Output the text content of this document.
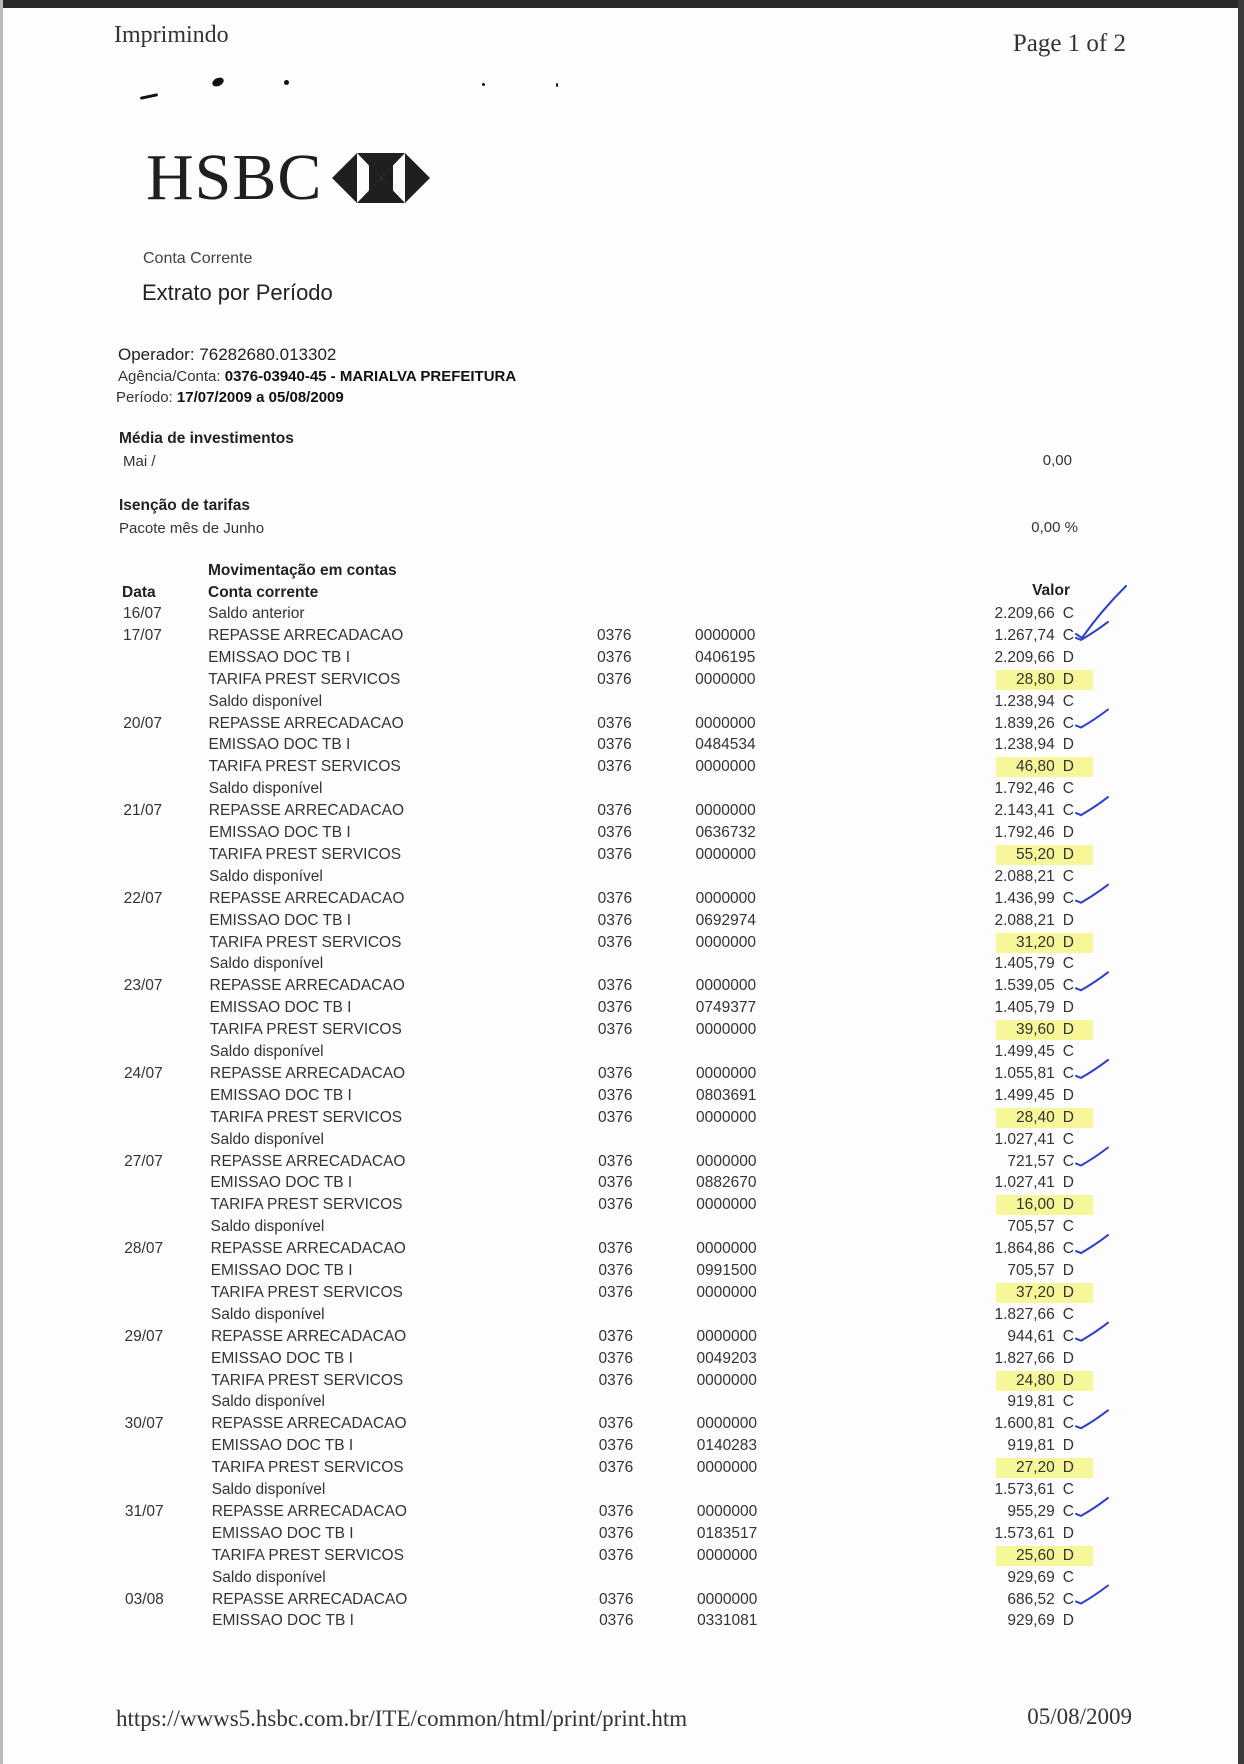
Imprimindo	Page 1 of 2
HSBC
Conta Corrente
Extrato por Período
Operador: 76282680.013302
Agência/Conta: 0376-03940-45 - MARIALVA PREFEITURA
Período: 17/07/2009 a 05/08/2009
Média de investimentos
Mai /	0,00
Isenção de tarifas
Pacote mês de Junho	0,00 %
Movimentação em contas
Data	Conta corrente	Valor
16/07	Saldo anterior	2.209,66 C
17/07	REPASSE ARRECADACAO	0376	0000000	1.267,74 C
EMISSAO DOC TB I	0376	0406195	2.209,66 D
TARIFA PREST SERVICOS	0376	0000000	28,80 D
Saldo disponível	1.238,94 C
20/07	REPASSE ARRECADACAO	0376	0000000	1.839,26 C
EMISSAO DOC TB I	0376	0484534	1.238,94 D
TARIFA PREST SERVICOS	0376	0000000	46,80 D
Saldo disponível	1.792,46 C
21/07	REPASSE ARRECADACAO	0376	0000000	2.143,41 C
EMISSAO DOC TB I	0376	0636732	1.792,46 D
TARIFA PREST SERVICOS	0376	0000000	55,20 D
Saldo disponível	2.088,21 C
22/07	REPASSE ARRECADACAO	0376	0000000	1.436,99 C
EMISSAO DOC TB I	0376	0692974	2.088,21 D
TARIFA PREST SERVICOS	0376	0000000	31,20 D
Saldo disponível	1.405,79 C
23/07	REPASSE ARRECADACAO	0376	0000000	1.539,05 C
EMISSAO DOC TB I	0376	0749377	1.405,79 D
TARIFA PREST SERVICOS	0376	0000000	39,60 D
Saldo disponível	1.499,45 C
24/07	REPASSE ARRECADACAO	0376	0000000	1.055,81 C
EMISSAO DOC TB I	0376	0803691	1.499,45 D
TARIFA PREST SERVICOS	0376	0000000	28,40 D
Saldo disponível	1.027,41 C
27/07	REPASSE ARRECADACAO	0376	0000000	721,57 C
EMISSAO DOC TB I	0376	0882670	1.027,41 D
TARIFA PREST SERVICOS	0376	0000000	16,00 D
Saldo disponível	705,57 C
28/07	REPASSE ARRECADACAO	0376	0000000	1.864,86 C
EMISSAO DOC TB I	0376	0991500	705,57 D
TARIFA PREST SERVICOS	0376	0000000	37,20 D
Saldo disponível	1.827,66 C
29/07	REPASSE ARRECADACAO	0376	0000000	944,61 C
EMISSAO DOC TB I	0376	0049203	1.827,66 D
TARIFA PREST SERVICOS	0376	0000000	24,80 D
Saldo disponível	919,81 C
30/07	REPASSE ARRECADACAO	0376	0000000	1.600,81 C
EMISSAO DOC TB I	0376	0140283	919,81 D
TARIFA PREST SERVICOS	0376	0000000	27,20 D
Saldo disponível	1.573,61 C
31/07	REPASSE ARRECADACAO	0376	0000000	955,29 C
EMISSAO DOC TB I	0376	0183517	1.573,61 D
TARIFA PREST SERVICOS	0376	0000000	25,60 D
Saldo disponível	929,69 C
03/08	REPASSE ARRECADACAO	0376	0000000	686,52 C
EMISSAO DOC TB I	0376	0331081	929,69 D
https://wwws5.hsbc.com.br/ITE/common/html/print/print.htm	05/08/2009
